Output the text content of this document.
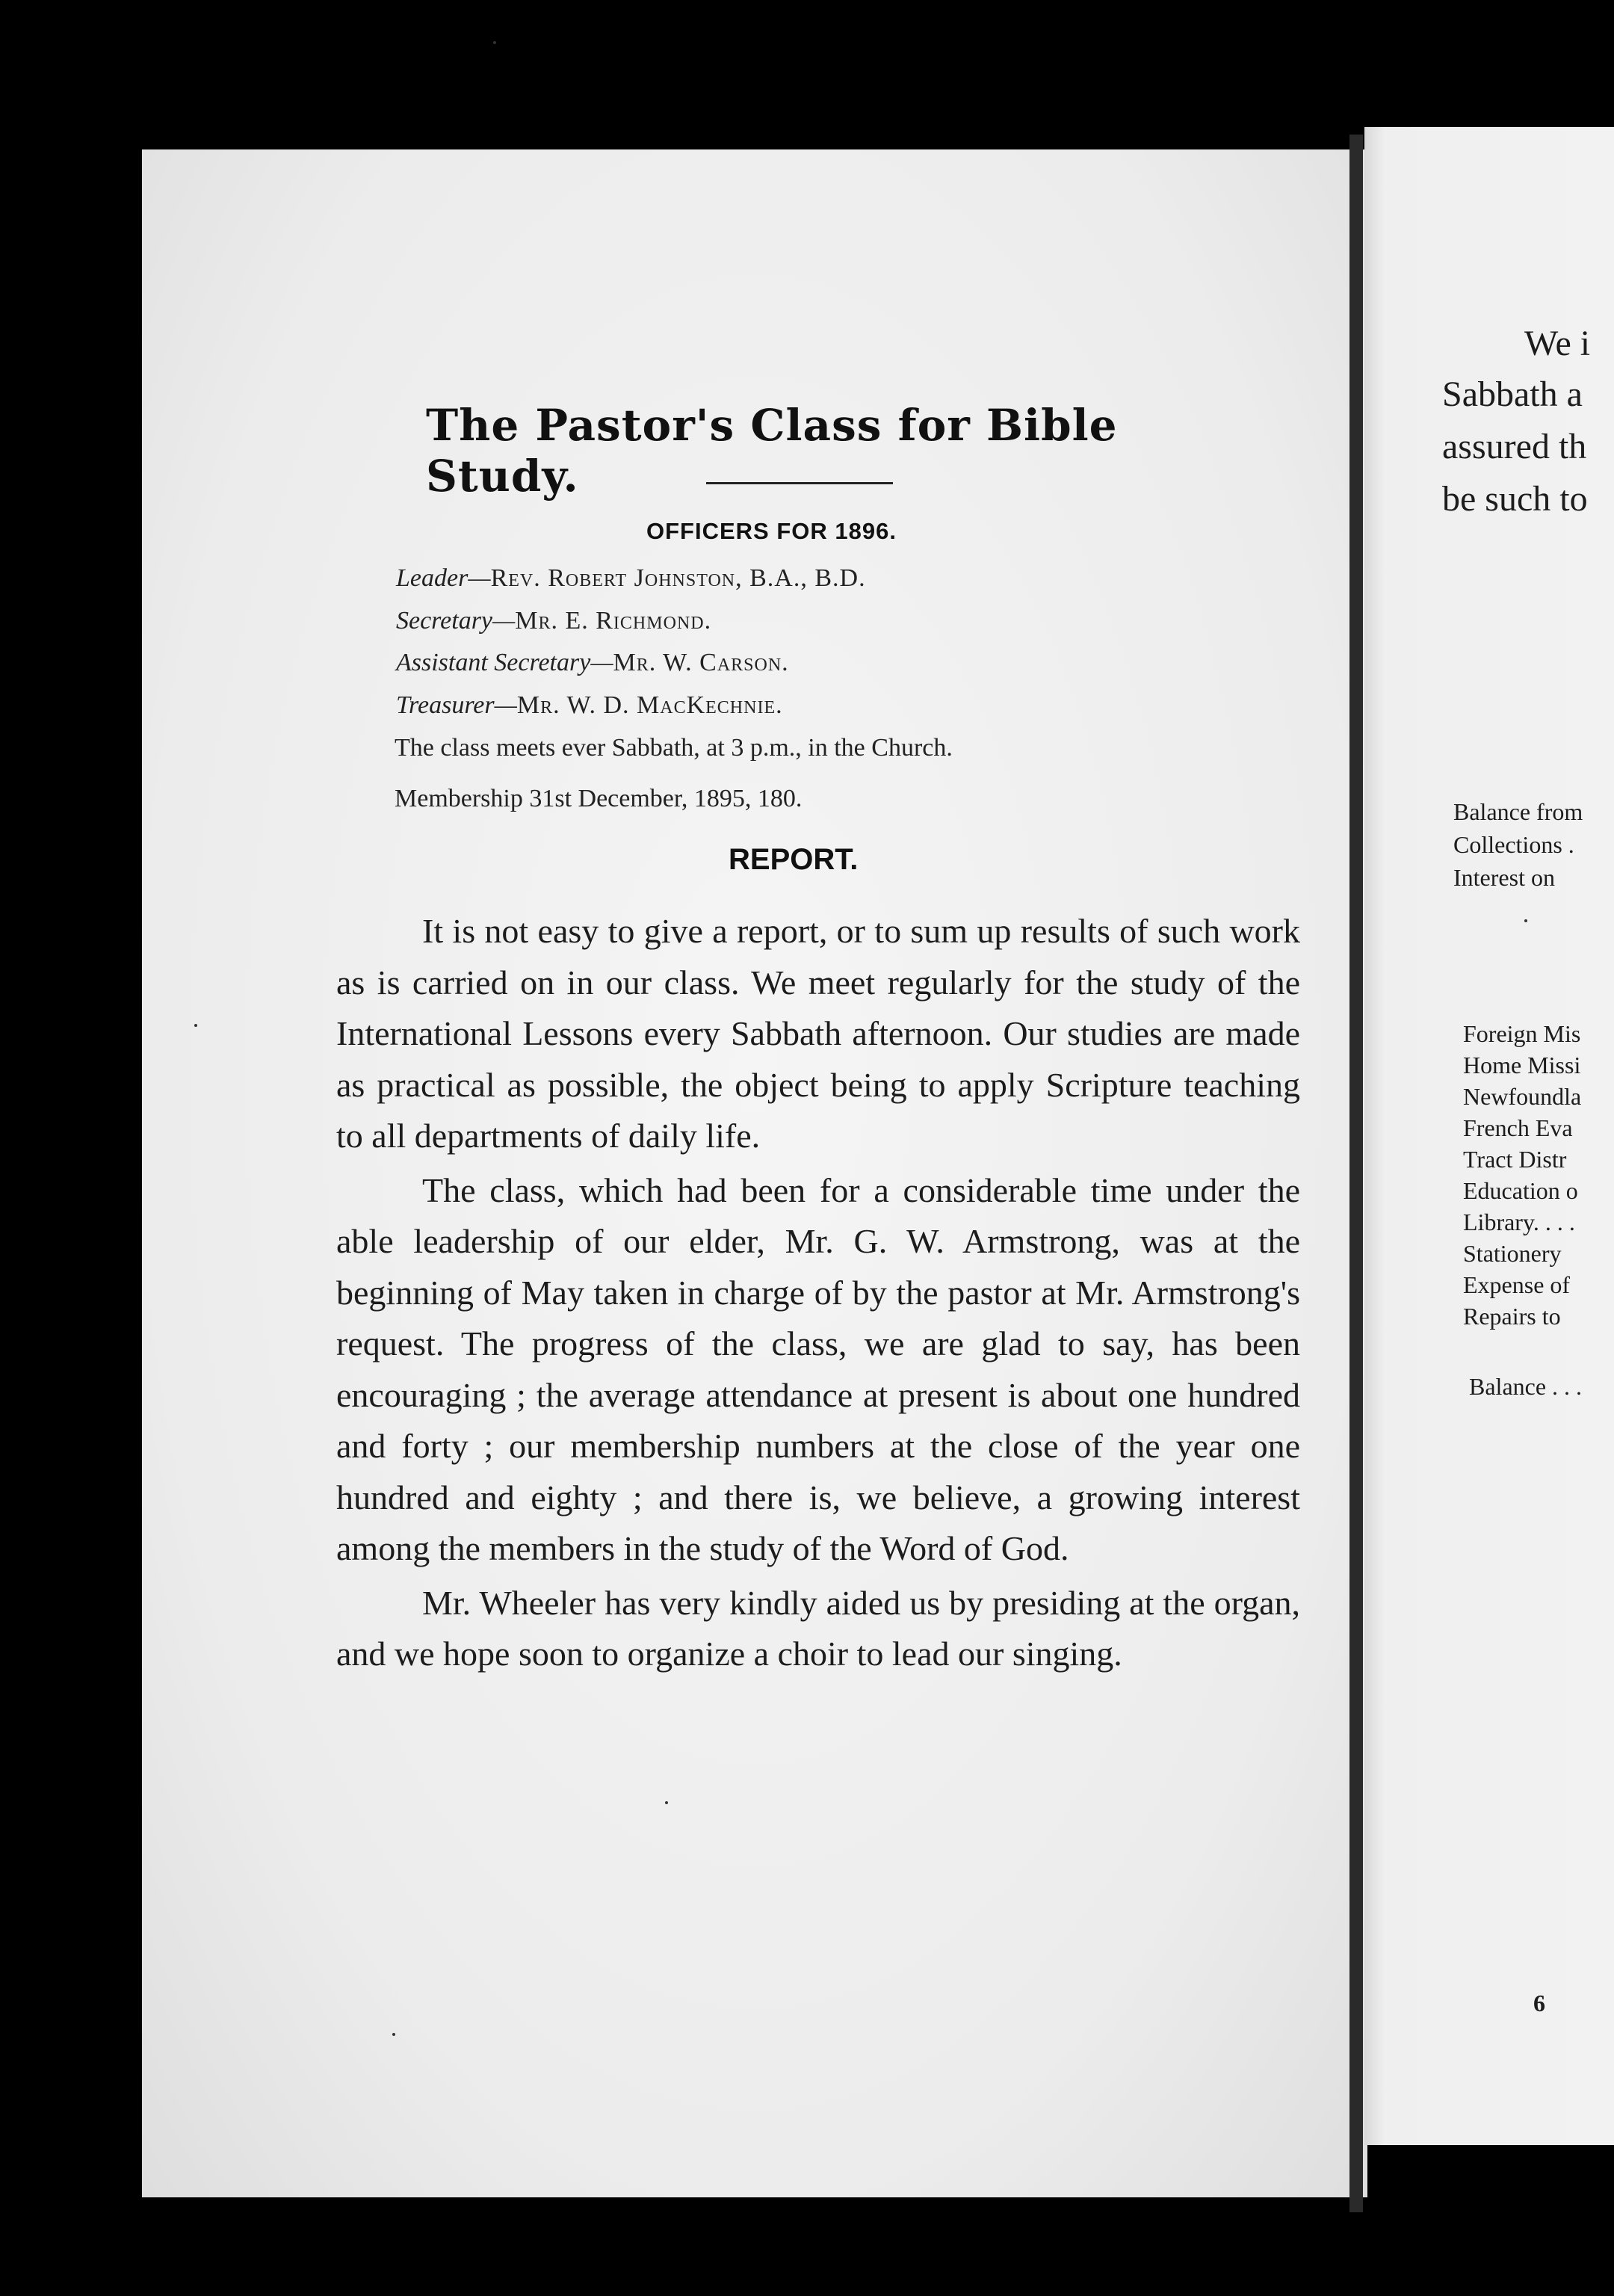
The Pastor's Class for Bible Study.
OFFICERS FOR 1896.
Leader—Rev. Robert Johnston, B.A., B.D.
Secretary—Mr. E. Richmond.
Assistant Secretary—Mr. W. Carson.
Treasurer—Mr. W. D. MacKechnie.
The class meets ever Sabbath, at 3 p.m., in the Church.
Membership 31st December, 1895, 180.
REPORT.

It is not easy to give a report, or to sum up results of such work as is carried on in our class. We meet regularly for the study of the International Lessons every Sabbath afternoon. Our studies are made as practical as possible, the object being to apply Scripture teaching to all departments of daily life.

The class, which had been for a considerable time under the able leadership of our elder, Mr. G. W. Armstrong, was at the beginning of May taken in charge of by the pastor at Mr. Armstrong's request. The progress of the class, we are glad to say, has been encouraging ; the average attendance at present is about one hundred and forty ; our membership numbers at the close of the year one hundred and eighty ; and there is, we believe, a growing interest among the members in the study of the Word of God.

Mr. Wheeler has very kindly aided us by presiding at the organ, and we hope soon to organize a choir to lead our singing.

We i
Sabbath a
assured th
be such to
Balance from
Collections .
Interest on
Foreign Mis
Home Missi
Newfoundla
French Eva
Tract Distr
Education o
Library. . . .
Stationery
Expense of
Repairs to
Balance . . .
6
